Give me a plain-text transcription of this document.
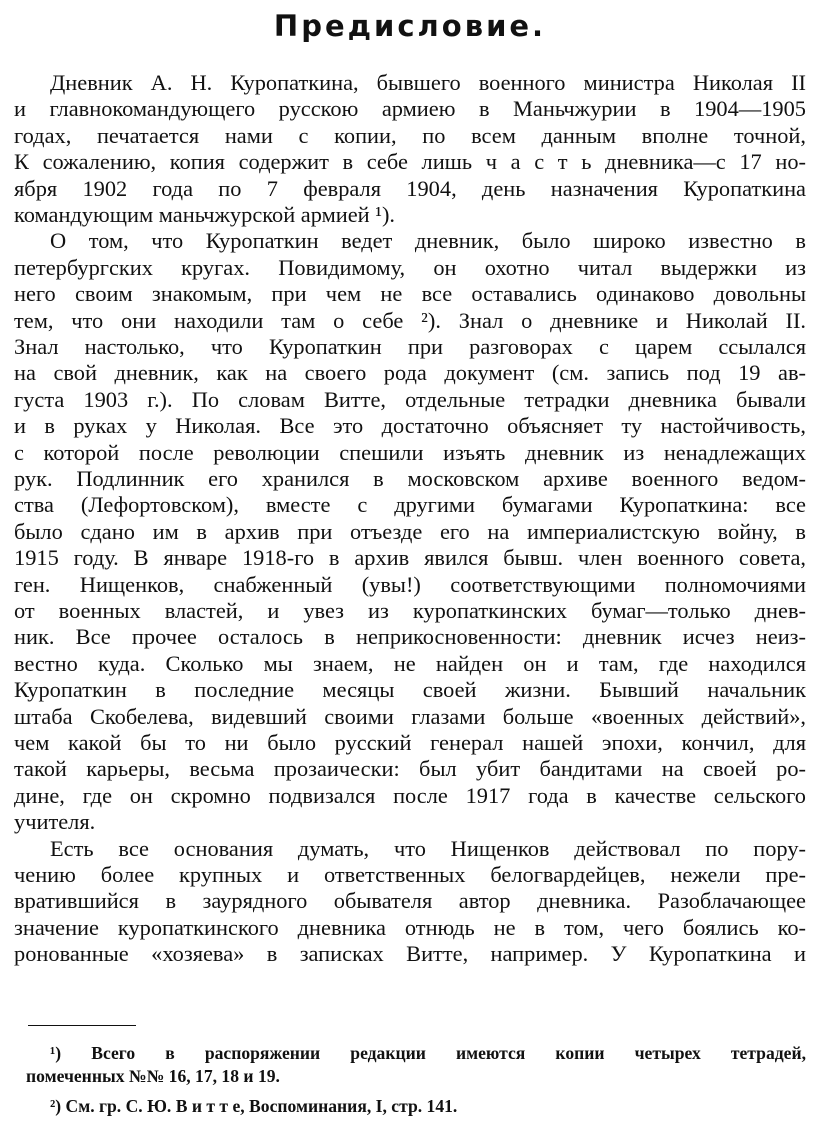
Предисловие.

Дневник А. Н. Куропаткина, бывшего военного министра Николая II

и главнокомандующего русскою армиею в Маньчжурии в 1904—1905

годах, печатается нами с копии, по всем данным вполне точной,

К сожалению, копия содержит в себе лишь ч а с т ь дневника—с 17 но-

ября 1902 года по 7 февраля 1904, день назначения Куропаткина

командующим маньчжурской армией ¹).

О том, что Куропаткин ведет дневник, было широко известно в

петербургских кругах. Повидимому, он охотно читал выдержки из

него своим знакомым, при чем не все оставались одинаково довольны

тем, что они находили там о себе ²). Знал о дневнике и Николай II.

Знал настолько, что Куропаткин при разговорах с царем ссылался

на свой дневник, как на своего рода документ (см. запись под 19 ав-

густа 1903 г.). По словам Витте, отдельные тетрадки дневника бывали

и в руках у Николая. Все это достаточно объясняет ту настойчивость,

с которой после революции спешили изъять дневник из ненадлежащих

рук. Подлинник его хранился в московском архиве военного ведом-

ства (Лефортовском), вместе с другими бумагами Куропаткина: все

было сдано им в архив при отъезде его на империалистскую войну, в

1915 году. В январе 1918-го в архив явился бывш. член военного совета,

ген. Нищенков, снабженный (увы!) соответствующими полномочиями

от военных властей, и увез из куропаткинских бумаг—только днев-

ник. Все прочее осталось в неприкосновенности: дневник исчез неиз-

вестно куда. Сколько мы знаем, не найден он и там, где находился

Куропаткин в последние месяцы своей жизни. Бывший начальник

штаба Скобелева, видевший своими глазами больше «военных действий»,

чем какой бы то ни было русский генерал нашей эпохи, кончил, для

такой карьеры, весьма прозаически: был убит бандитами на своей ро-

дине, где он скромно подвизался после 1917 года в качестве сельского

учителя.

Есть все основания думать, что Нищенков действовал по пору-

чению более крупных и ответственных белогвардейцев, нежели пре-

вратившийся в заурядного обывателя автор дневника. Разоблачающее

значение куропаткинского дневника отнюдь не в том, чего боялись ко-

ронованные «хозяева» в записках Витте, например. У Куропаткина и

¹) Всего в распоряжении редакции имеются копии четырех тетрадей,

помеченных №№ 16, 17, 18 и 19.

²) См. гр. С. Ю. В и т т е, Воспоминания, I, стр. 141.
